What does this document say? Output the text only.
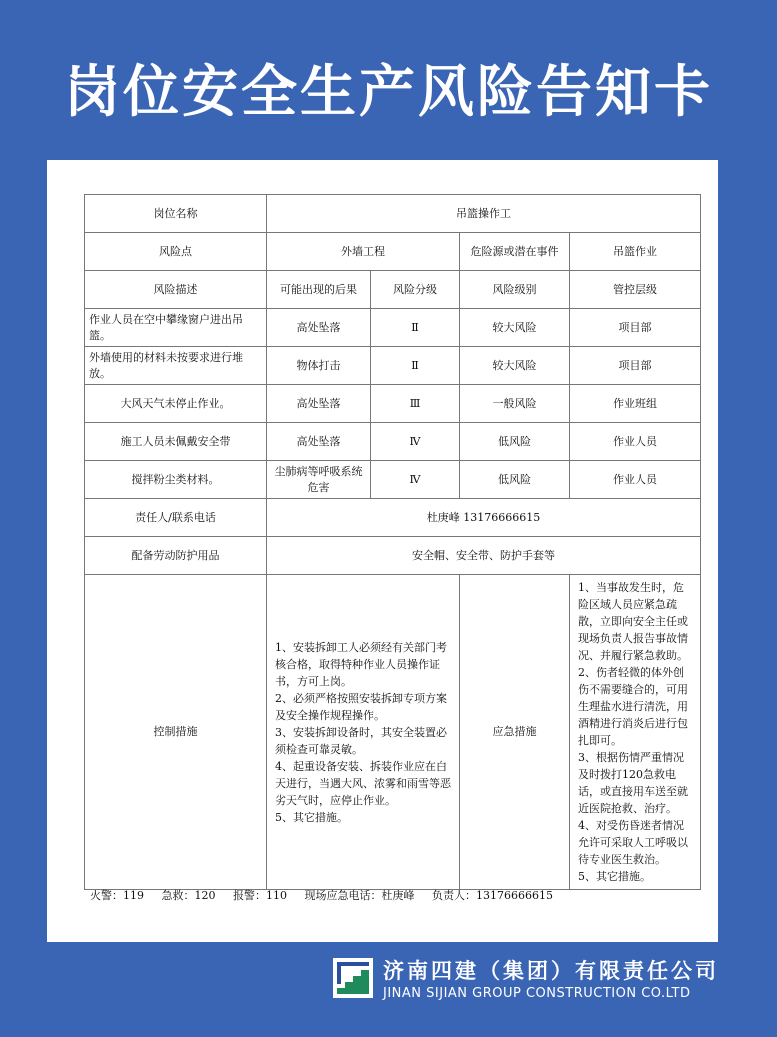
岗位安全生产风险告知卡
岗位名称	吊篮操作工			
风险点	外墙工程		危险源或潜在事件	吊篮作业
风险描述	可能出现的后果	风险分级	风险级别	管控层级
作业人员在空中攀缘窗户进出吊篮。	高处坠落	Ⅱ	较大风险	项目部
外墙使用的材料未按要求进行堆放。	物体打击	Ⅱ	较大风险	项目部
大风天气未停止作业。	高处坠落	Ⅲ	一般风险	作业班组
施工人员未佩戴安全带	高处坠落	Ⅳ	低风险	作业人员
搅拌粉尘类材料。	尘肺病等呼吸系统危害	Ⅳ	低风险	作业人员
责任人/联系电话	杜庚峰 13176666615			
配备劳动防护用品	安全帽、安全带、防护手套等			
控制措施	1、安装拆卸工人必须经有关部门考核合格，取得特种作业人员操作证书，方可上岗。
2、必须严格按照安装拆卸专项方案及安全操作规程操作。
3、安装拆卸设备时，其安全装置必须检查可靠灵敏。
4、起重设备安装、拆装作业应在白天进行，当遇大风、浓雾和雨雪等恶劣天气时，应停止作业。
5、其它措施。		应急措施	1、当事故发生时，危险区域人员应紧急疏散，立即向安全主任或现场负责人报告事故情况、并履行紧急救助。
2、伤者轻微的体外创伤不需要缝合的，可用生理盐水进行清洗，用酒精进行消炎后进行包扎即可。
3、根据伤情严重情况及时拨打120急救电话，或直接用车送至就近医院抢救、治疗。
4、对受伤昏迷者情况允许可采取人工呼吸以待专业医生救治。
5、其它措施。
火警：119 急救：120 报警：110 现场应急电话：杜庚峰 负责人：13176666615
济南四建（集团）有限责任公司
JINAN SIJIAN GROUP CONSTRUCTION CO.LTD
